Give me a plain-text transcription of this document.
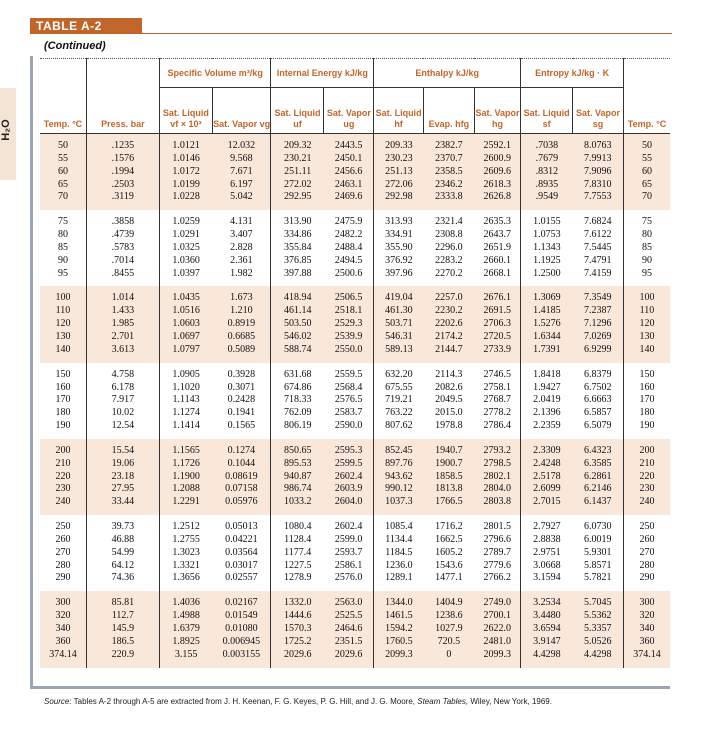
H₂O
TABLE A-2
(Continued)
		Specific Volume m³/kg		Internal Energy kJ/kg		Enthalpy kJ/kg			Entropy kJ/kg · K		
Temp. °C	Press. bar	Sat. Liquid vf × 10³	Sat. Vapor vg	Sat. Liquid uf	Sat. Vapor ug	Sat. Liquid hf	Evap. hfg	Sat. Vapor hg	Sat. Liquid sf	Sat. Vapor sg	Temp. °C

50	.1235	1.0121	12.032	209.32	2443.5	209.33	2382.7	2592.1	.7038	8.0763	50
55	.1576	1.0146	9.568	230.21	2450.1	230.23	2370.7	2600.9	.7679	7.9913	55
60	.1994	1.0172	7.671	251.11	2456.6	251.13	2358.5	2609.6	.8312	7.9096	60
65	.2503	1.0199	6.197	272.02	2463.1	272.06	2346.2	2618.3	.8935	7.8310	65
70	.3119	1.0228	5.042	292.95	2469.6	292.98	2333.8	2626.8	.9549	7.7553	70

75	.3858	1.0259	4.131	313.90	2475.9	313.93	2321.4	2635.3	1.0155	7.6824	75
80	.4739	1.0291	3.407	334.86	2482.2	334.91	2308.8	2643.7	1.0753	7.6122	80
85	.5783	1.0325	2.828	355.84	2488.4	355.90	2296.0	2651.9	1.1343	7.5445	85
90	.7014	1.0360	2.361	376.85	2494.5	376.92	2283.2	2660.1	1.1925	7.4791	90
95	.8455	1.0397	1.982	397.88	2500.6	397.96	2270.2	2668.1	1.2500	7.4159	95

100	1.014	1.0435	1.673	418.94	2506.5	419.04	2257.0	2676.1	1.3069	7.3549	100
110	1.433	1.0516	1.210	461.14	2518.1	461.30	2230.2	2691.5	1.4185	7.2387	110
120	1.985	1.0603	0.8919	503.50	2529.3	503.71	2202.6	2706.3	1.5276	7.1296	120
130	2.701	1.0697	0.6685	546.02	2539.9	546.31	2174.2	2720.5	1.6344	7.0269	130
140	3.613	1.0797	0.5089	588.74	2550.0	589.13	2144.7	2733.9	1.7391	6.9299	140

150	4.758	1.0905	0.3928	631.68	2559.5	632.20	2114.3	2746.5	1.8418	6.8379	150
160	6.178	1.1020	0.3071	674.86	2568.4	675.55	2082.6	2758.1	1.9427	6.7502	160
170	7.917	1.1143	0.2428	718.33	2576.5	719.21	2049.5	2768.7	2.0419	6.6663	170
180	10.02	1.1274	0.1941	762.09	2583.7	763.22	2015.0	2778.2	2.1396	6.5857	180
190	12.54	1.1414	0.1565	806.19	2590.0	807.62	1978.8	2786.4	2.2359	6.5079	190

200	15.54	1.1565	0.1274	850.65	2595.3	852.45	1940.7	2793.2	2.3309	6.4323	200
210	19.06	1.1726	0.1044	895.53	2599.5	897.76	1900.7	2798.5	2.4248	6.3585	210
220	23.18	1.1900	0.08619	940.87	2602.4	943.62	1858.5	2802.1	2.5178	6.2861	220
230	27.95	1.2088	0.07158	986.74	2603.9	990.12	1813.8	2804.0	2.6099	6.2146	230
240	33.44	1.2291	0.05976	1033.2	2604.0	1037.3	1766.5	2803.8	2.7015	6.1437	240

250	39.73	1.2512	0.05013	1080.4	2602.4	1085.4	1716.2	2801.5	2.7927	6.0730	250
260	46.88	1.2755	0.04221	1128.4	2599.0	1134.4	1662.5	2796.6	2.8838	6.0019	260
270	54.99	1.3023	0.03564	1177.4	2593.7	1184.5	1605.2	2789.7	2.9751	5.9301	270
280	64.12	1.3321	0.03017	1227.5	2586.1	1236.0	1543.6	2779.6	3.0668	5.8571	280
290	74.36	1.3656	0.02557	1278.9	2576.0	1289.1	1477.1	2766.2	3.1594	5.7821	290

300	85.81	1.4036	0.02167	1332.0	2563.0	1344.0	1404.9	2749.0	3.2534	5.7045	300
320	112.7	1.4988	0.01549	1444.6	2525.5	1461.5	1238.6	2700.1	3.4480	5.5362	320
340	145.9	1.6379	0.01080	1570.3	2464.6	1594.2	1027.9	2622.0	3.6594	5.3357	340
360	186.5	1.8925	0.006945	1725.2	2351.5	1760.5	720.5	2481.0	3.9147	5.0526	360
374.14	220.9	3.155	0.003155	2029.6	2029.6	2099.3	0	2099.3	4.4298	4.4298	374.14

Source: Tables A-2 through A-5 are extracted from J. H. Keenan, F. G. Keyes, P. G. Hill, and J. G. Moore, Steam Tables, Wiley, New York, 1969.
